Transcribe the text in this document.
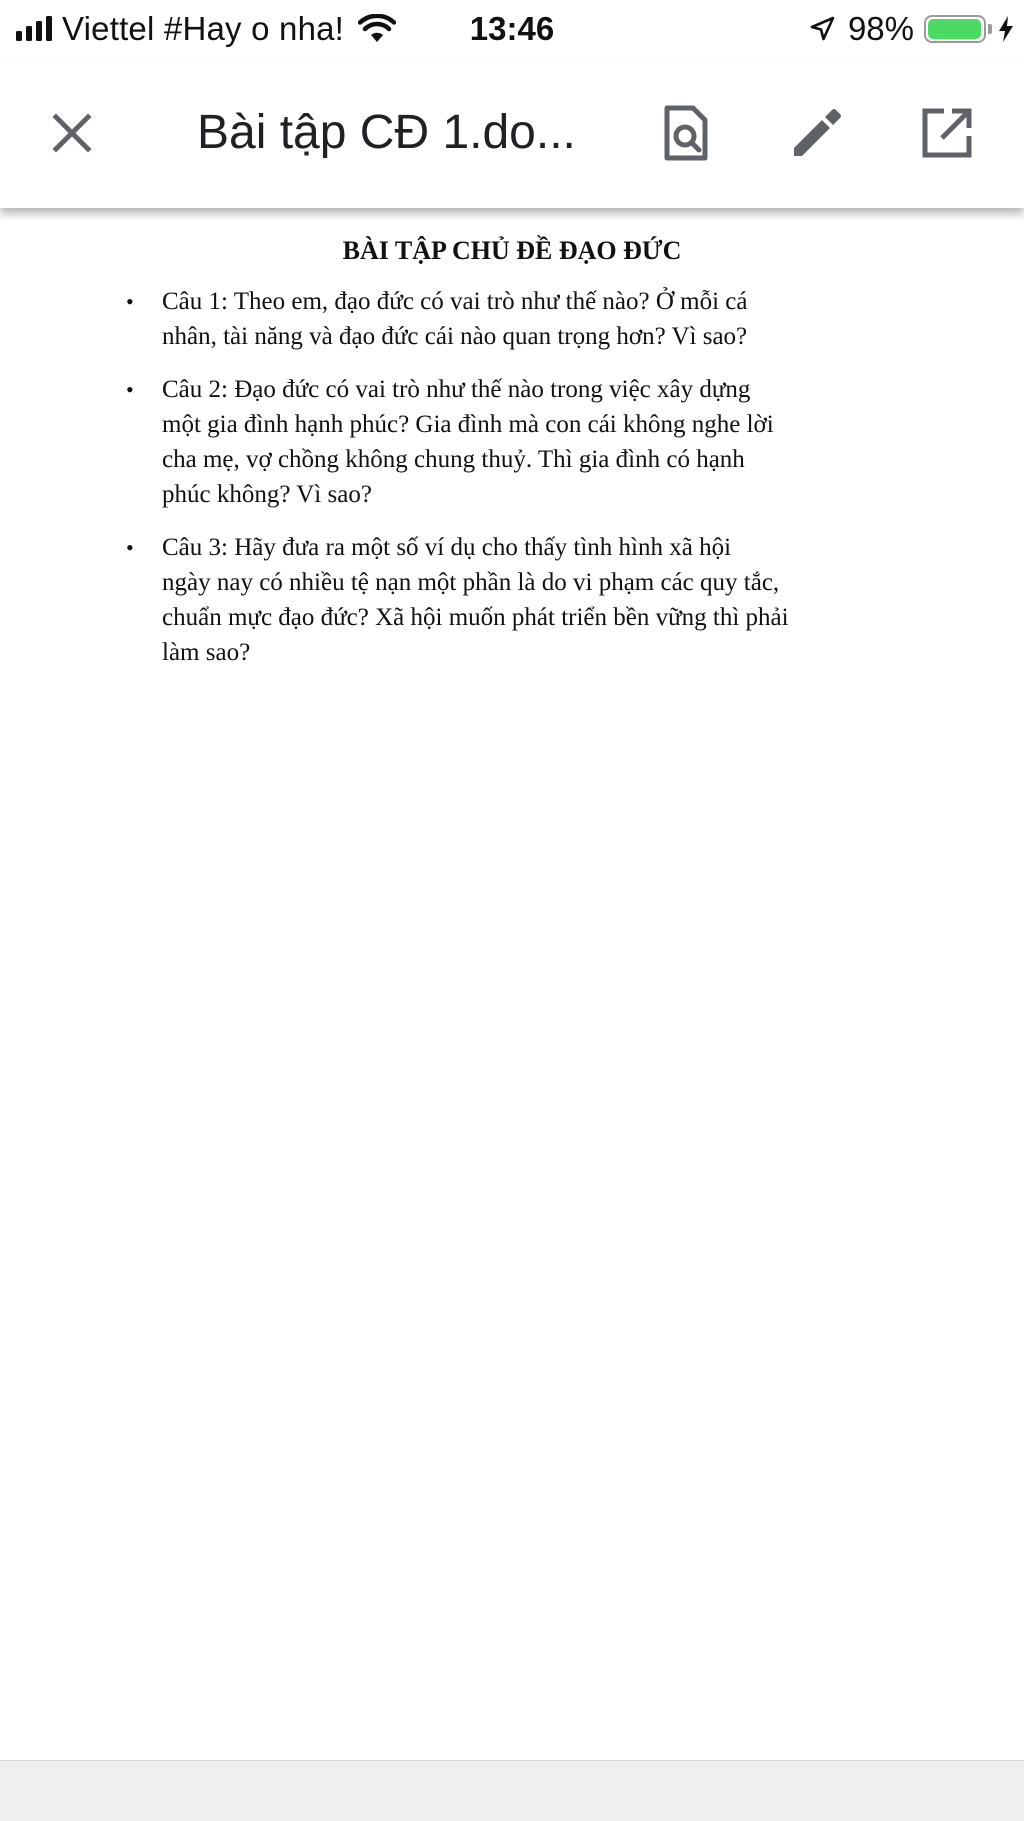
Viettel #Hay o nha!	13:46	98%
Bài tập CĐ 1.do...
BÀI TẬP CHỦ ĐỀ ĐẠO ĐỨC
• Câu 1: Theo em, đạo đức có vai trò như thế nào? Ở mỗi cá
nhân, tài năng và đạo đức cái nào quan trọng hơn? Vì sao?
• Câu 2: Đạo đức có vai trò như thế nào trong việc xây dựng
một gia đình hạnh phúc? Gia đình mà con cái không nghe lời
cha mẹ, vợ chồng không chung thuỷ. Thì gia đình có hạnh
phúc không? Vì sao?
• Câu 3: Hãy đưa ra một số ví dụ cho thấy tình hình xã hội
ngày nay có nhiều tệ nạn một phần là do vi phạm các quy tắc,
chuẩn mực đạo đức? Xã hội muốn phát triển bền vững thì phải
làm sao?
